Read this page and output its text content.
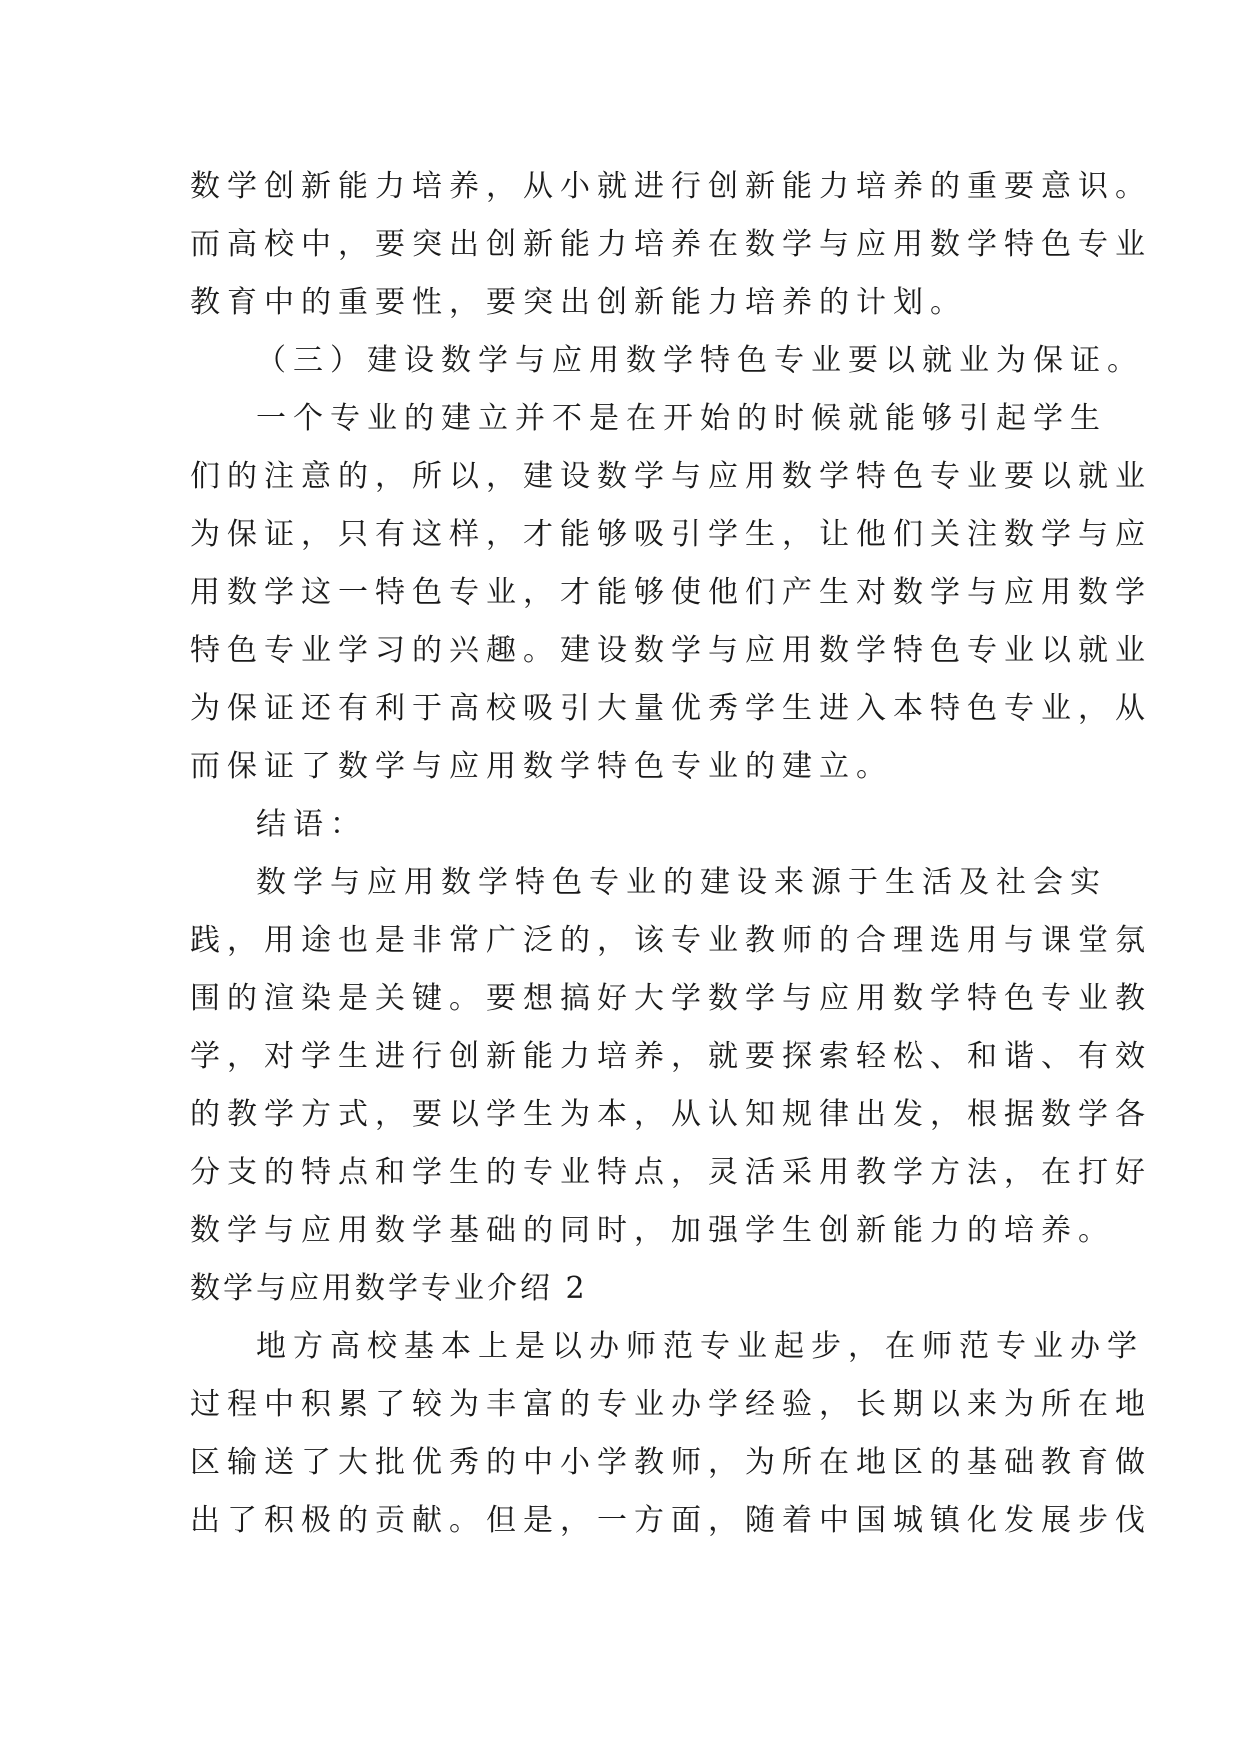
数学创新能力培养，从小就进行创新能力培养的重要意识。
而高校中，要突出创新能力培养在数学与应用数学特色专业
教育中的重要性，要突出创新能力培养的计划。
（三）建设数学与应用数学特色专业要以就业为保证。
一个专业的建立并不是在开始的时候就能够引起学生
们的注意的，所以，建设数学与应用数学特色专业要以就业
为保证，只有这样，才能够吸引学生，让他们关注数学与应
用数学这一特色专业，才能够使他们产生对数学与应用数学
特色专业学习的兴趣。建设数学与应用数学特色专业以就业
为保证还有利于高校吸引大量优秀学生进入本特色专业，从
而保证了数学与应用数学特色专业的建立。
结语：
数学与应用数学特色专业的建设来源于生活及社会实
践，用途也是非常广泛的，该专业教师的合理选用与课堂氛
围的渲染是关键。要想搞好大学数学与应用数学特色专业教
学，对学生进行创新能力培养，就要探索轻松、和谐、有效
的教学方式，要以学生为本，从认知规律出发，根据数学各
分支的特点和学生的专业特点，灵活采用教学方法，在打好
数学与应用数学基础的同时，加强学生创新能力的培养。
数学与应用数学专业介绍 2
地方高校基本上是以办师范专业起步，在师范专业办学
过程中积累了较为丰富的专业办学经验，长期以来为所在地
区输送了大批优秀的中小学教师，为所在地区的基础教育做
出了积极的贡献。但是，一方面，随着中国城镇化发展步伐
